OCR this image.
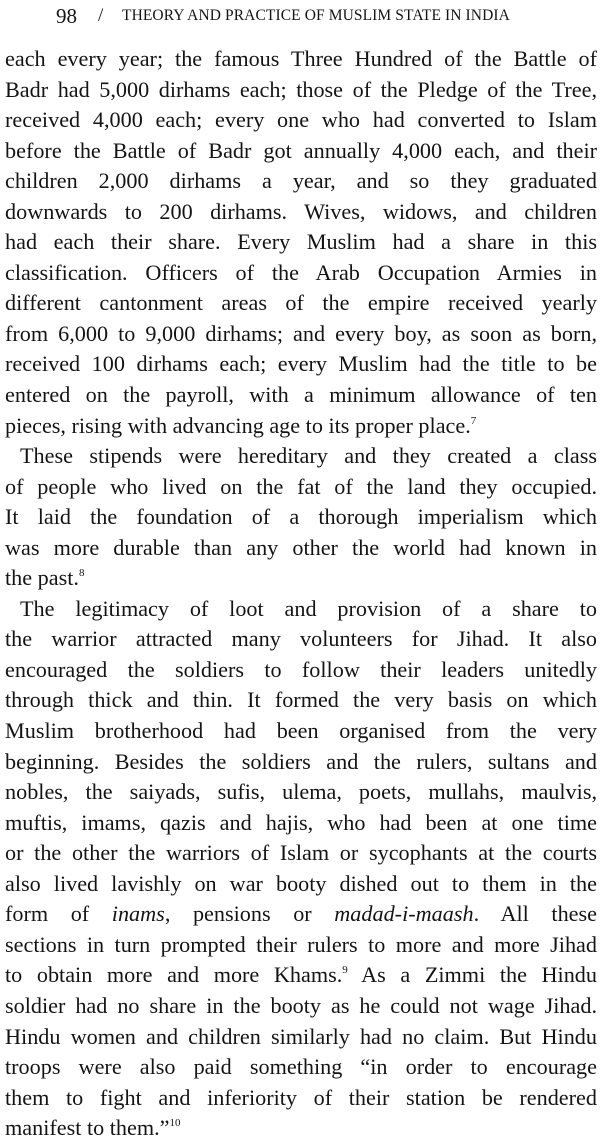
98 / THEORY AND PRACTICE OF MUSLIM STATE IN INDIA
each every year; the famous Three Hundred of the Battle of
Badr had 5,000 dirhams each; those of the Pledge of the Tree,
received 4,000 each; every one who had converted to Islam
before the Battle of Badr got annually 4,000 each, and their
children 2,000 dirhams a year, and so they graduated
downwards to 200 dirhams. Wives, widows, and children
had each their share. Every Muslim had a share in this
classification. Officers of the Arab Occupation Armies in
different cantonment areas of the empire received yearly
from 6,000 to 9,000 dirhams; and every boy, as soon as born,
received 100 dirhams each; every Muslim had the title to be
entered on the payroll, with a minimum allowance of ten
pieces, rising with advancing age to its proper place.$^7$
These stipends were hereditary and they created a class
of people who lived on the fat of the land they occupied.
It laid the foundation of a thorough imperialism which
was more durable than any other the world had known in
the past.$^8$
The legitimacy of loot and provision of a share to
the warrior attracted many volunteers for Jihad. It also
encouraged the soldiers to follow their leaders unitedly
through thick and thin. It formed the very basis on which
Muslim brotherhood had been organised from the very
beginning. Besides the soldiers and the rulers, sultans and
nobles, the saiyads, sufis, ulema, poets, mullahs, maulvis,
muftis, imams, qazis and hajis, who had been at one time
or the other the warriors of Islam or sycophants at the courts
also lived lavishly on war booty dished out to them in the
form of inams, pensions or madad-i-maash. All these
sections in turn prompted their rulers to more and more Jihad
to obtain more and more Khams.$^9$ As a Zimmi the Hindu
soldier had no share in the booty as he could not wage Jihad.
Hindu women and children similarly had no claim. But Hindu
troops were also paid something “in order to encourage
them to fight and inferiority of their station be rendered
manifest to them.”$^{10}$
